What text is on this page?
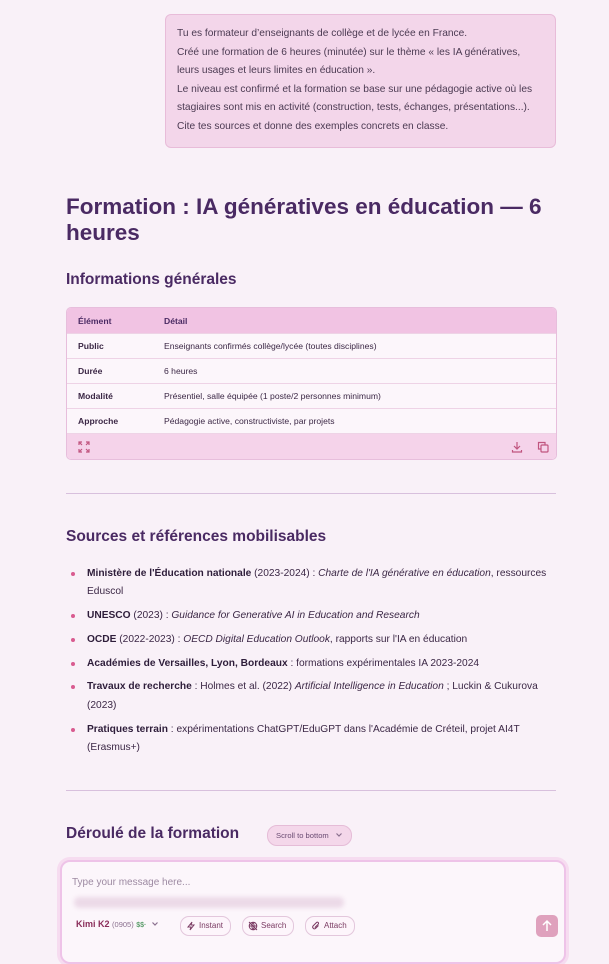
Tu es formateur d’enseignants de collège et de lycée en France.

Créé une formation de 6 heures (minutée) sur le thème « les IA génératives, leurs usages et leurs limites en éducation ».

Le niveau est confirmé et la formation se base sur une pédagogie active où les stagiaires sont mis en activité (construction, tests, échanges, présentations...). Cite tes sources et donne des exemples concrets en classe.

Formation : IA génératives en éducation — 6 heures
Informations générales
Élément	Détail
Public	Enseignants confirmés collège/lycée (toutes disciplines)
Durée	6 heures
Modalité	Présentiel, salle équipée (1 poste/2 personnes minimum)
Approche	Pédagogie active, constructiviste, par projets
Sources et références mobilisables
Ministère de l'Éducation nationale (2023-2024) : Charte de l'IA générative en éducation, ressources Eduscol
UNESCO (2023) : Guidance for Generative AI in Education and Research
OCDE (2022-2023) : OECD Digital Education Outlook, rapports sur l'IA en éducation
Académies de Versailles, Lyon, Bordeaux : formations expérimentales IA 2023-2024
Travaux de recherche : Holmes et al. (2022) Artificial Intelligence in Education ; Luckin & Cukurova (2023)
Pratiques terrain : expérimentations ChatGPT/EduGPT dans l'Académie de Créteil, projet AI4T (Erasmus+)
Déroulé de la formation	Scroll to bottom
Type your message here...
Kimi K2 (0905) $$·	Instant	Search	Attach
